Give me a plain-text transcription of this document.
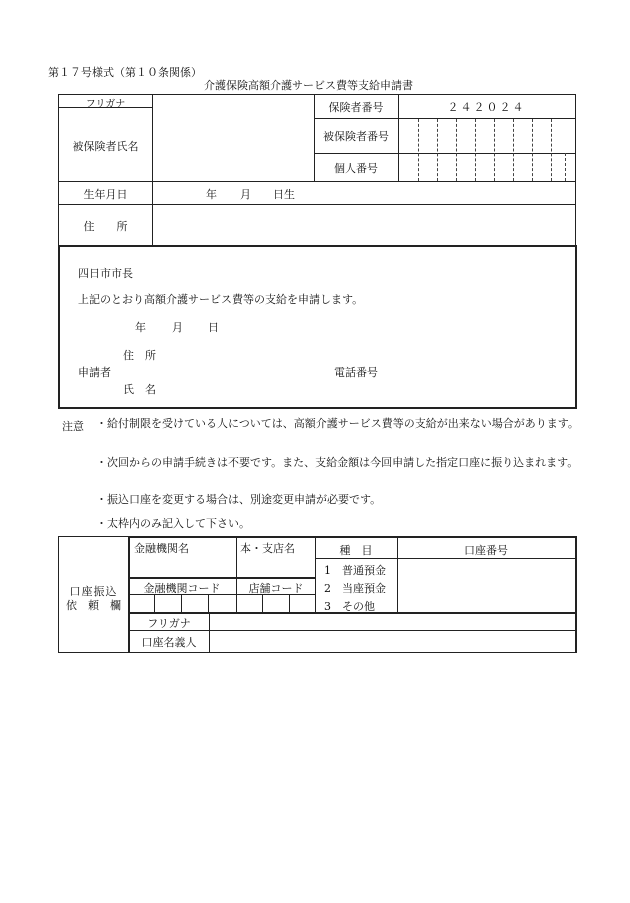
第１７号様式（第１０条関係）
介護保険高額介護サービス費等支給申請書
フリガナ
被保険者氏名
保険者番号	２４２０２４
被保険者番号
個人番号
生年月日	年 月 日生
住　　所
四日市市長
上記のとおり高額介護サービス費等の支給を申請します。
年 月 日
住　所
申請者
氏　名
電話番号
注意 ・給付制限を受けている人については、高額介護サービス費等の支給が出来ない場合があります。
・次回からの申請手続きは不要です。また、支給金額は今回申請した指定口座に振り込まれます。
・振込口座を変更する場合は、別途変更申請が必要です。
・太枠内のみ記入して下さい。
口座振込
依　頼　欄
金融機関名	本・支店名	種　目	口座番号
金融機関コード	店舗コード
1　普通預金
2　当座預金
3　その他
フリガナ
口座名義人
